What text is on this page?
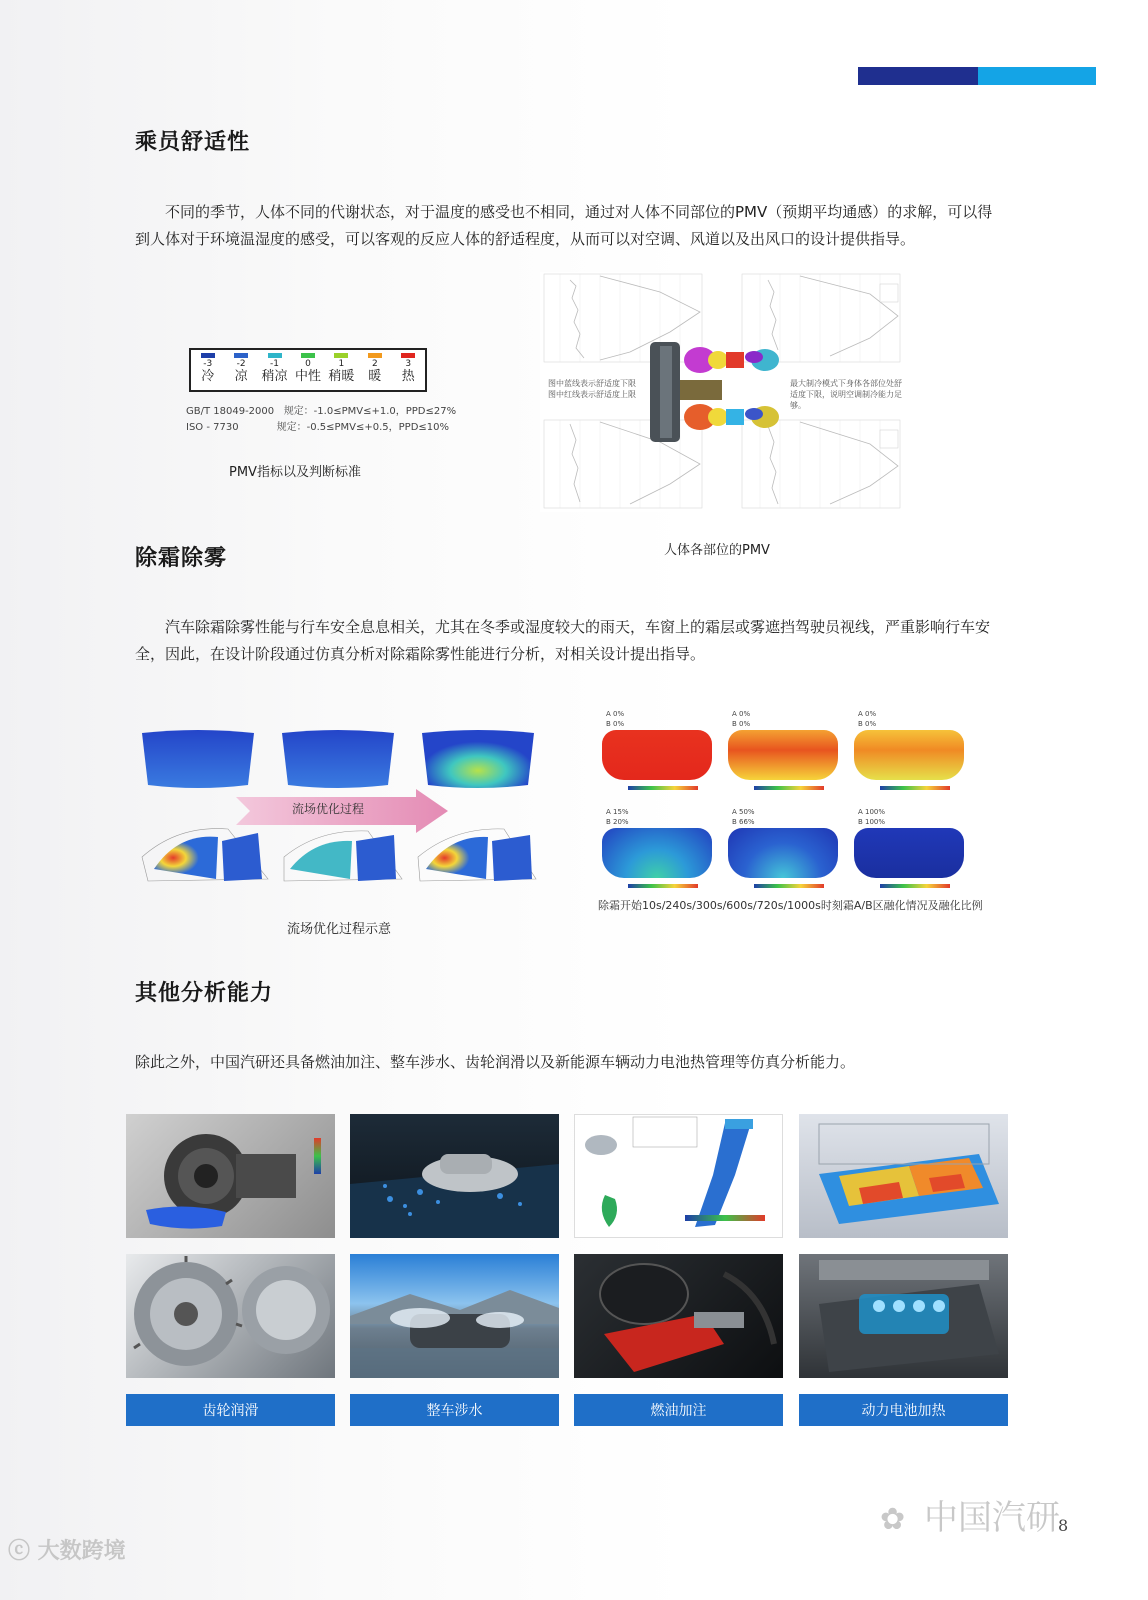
乘员舒适性

不同的季节，人体不同的代谢状态，对于温度的感受也不相同，通过对人体不同部位的PMV（预期平均通感）的求解，可以得到人体对于环境温湿度的感受，可以客观的反应人体的舒适程度，从而可以对空调、风道以及出风口的设计提供指导。

-3
冷
-2
凉
-1
稍凉
0
中性
1
稍暖
2
暖
3
热
GB/T 18049-2000 规定：-1.0≤PMV≤+1.0，PPD≤27%
ISO - 7730	规定：-0.5≤PMV≤+0.5，PPD≤10%
PMV指标以及判断标准
图中蓝线表示舒适度下限
图中红线表示舒适度上限
最大制冷模式下身体各部位处舒适度下限，说明空调制冷能力足够。
人体各部位的PMV
除霜除雾

汽车除霜除雾性能与行车安全息息相关，尤其在冬季或湿度较大的雨天，车窗上的霜层或雾遮挡驾驶员视线，严重影响行车安全，因此，在设计阶段通过仿真分析对除霜除雾性能进行分析，对相关设计提出指导。

流场优化过程
流场优化过程示意
A 0%
B 0%
A 0%
B 0%
A 0%
B 0%
A 15%
B 20%
A 50%
B 66%
A 100%
B 100%
除霜开始10s/240s/300s/600s/720s/1000s时刻霜A/B区融化情况及融化比例
其他分析能力

除此之外，中国汽研还具备燃油加注、整车涉水、齿轮润滑以及新能源车辆动力电池热管理等仿真分析能力。

齿轮润滑	整车涉水	燃油加注	动力电池加热
✿ 中国汽研
8
ⓒ 大数跨境
